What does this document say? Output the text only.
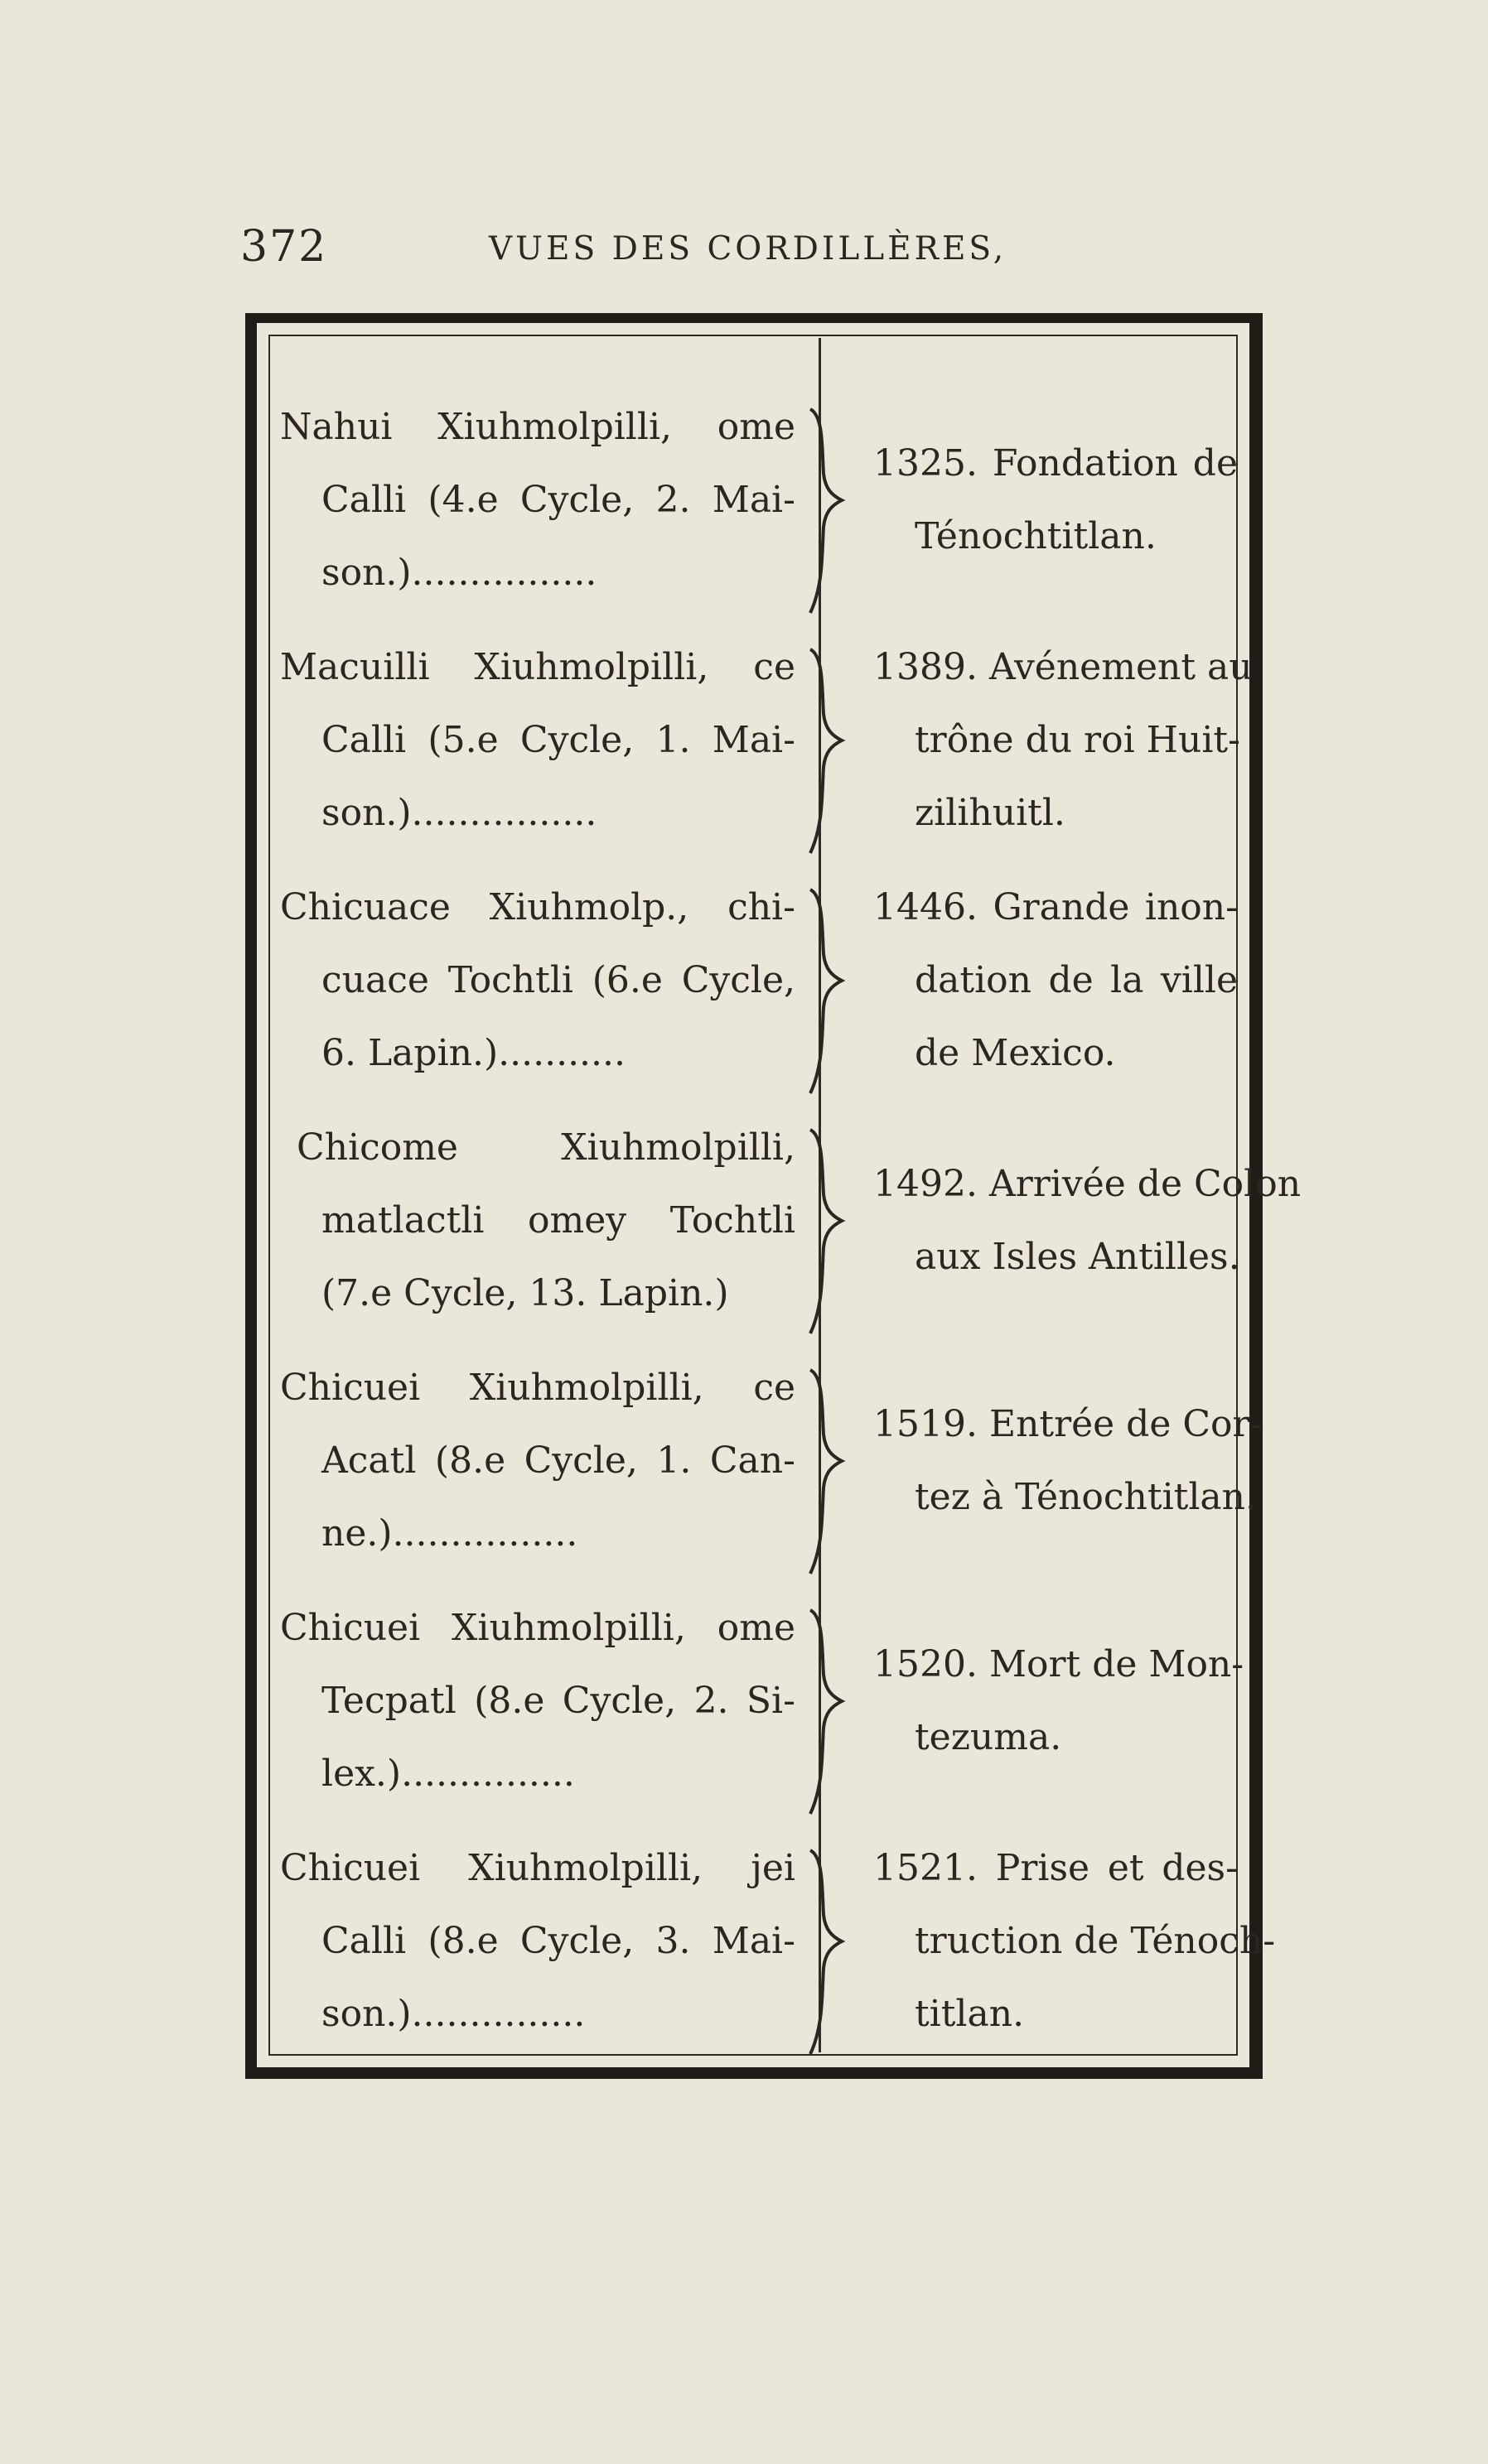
372	VUES DES CORDILLÈRES,
Nahui Xiuhmolpilli, ome
Calli (4.e Cycle, 2. Mai-
son.)................
1325. Fondation de
Ténochtitlan.
Macuilli Xiuhmolpilli, ce
Calli (5.e Cycle, 1. Mai-
son.)................
1389. Avénement au
trône du roi Huit-
zilihuitl.
Chicuace Xiuhmolp., chi-
cuace Tochtli (6.e Cycle,
6. Lapin.)...........
1446. Grande inon-
dation de la ville
de Mexico.
Chicome Xiuhmolpilli,
matlactli omey Tochtli
(7.e Cycle, 13. Lapin.)
1492. Arrivée de Colon
aux Isles Antilles.
Chicuei Xiuhmolpilli, ce
Acatl (8.e Cycle, 1. Can-
ne.)................
1519. Entrée de Cor-
tez à Ténochtitlan.
Chicuei Xiuhmolpilli, ome
Tecpatl (8.e Cycle, 2. Si-
lex.)...............
1520. Mort de Mon-
tezuma.
Chicuei Xiuhmolpilli, jei
Calli (8.e Cycle, 3. Mai-
son.)...............
1521. Prise et des-
truction de Ténoch-
titlan.
